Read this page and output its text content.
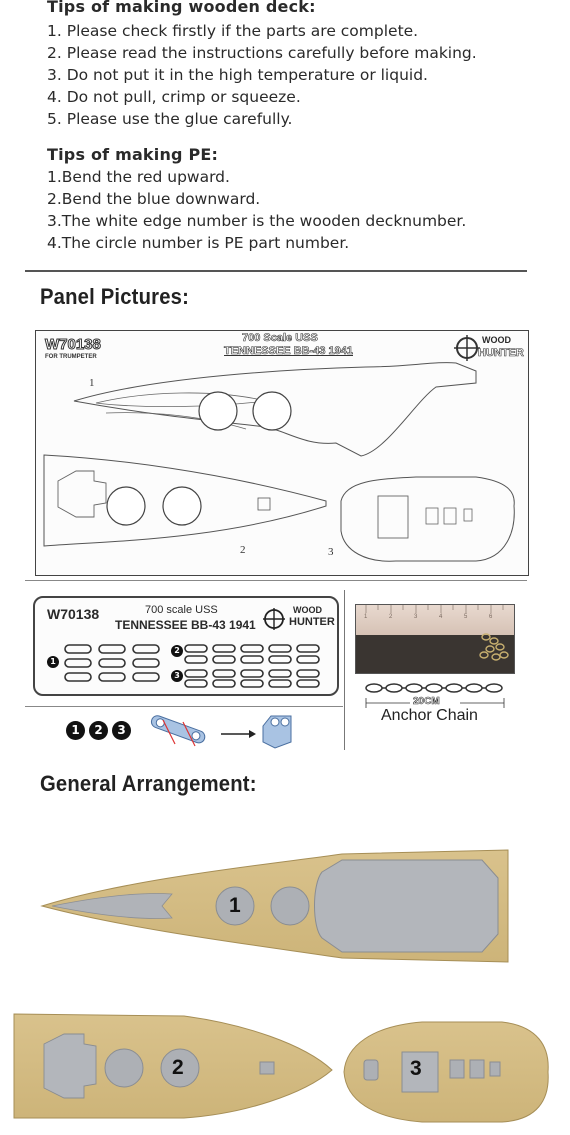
Tips of making wooden deck:
1. Please check firstly if the parts are complete.
2. Please read the instructions carefully before making.
3. Do not put it in the high temperature or liquid.
4. Do not pull, crimp or squeeze.
5. Please use the glue carefully.
Tips of making PE:
1.Bend the red upward.
2.Bend the blue downward.
3.The white edge number is the wooden decknumber.
4.The circle number is PE part number.
Panel Pictures:
W70138
FOR TRUMPETER
700 Scale USS
TENNESSEE BB-43 1941
WOOD
HUNTER
1
2	3
W70138	700 scale USS
TENNESSEE BB-43 1941
WOOD
HUNTER
1
2
3
1	2	3	4	5	6
20CM
Anchor Chain
1	2	3
General Arrangement:
1
2	3
